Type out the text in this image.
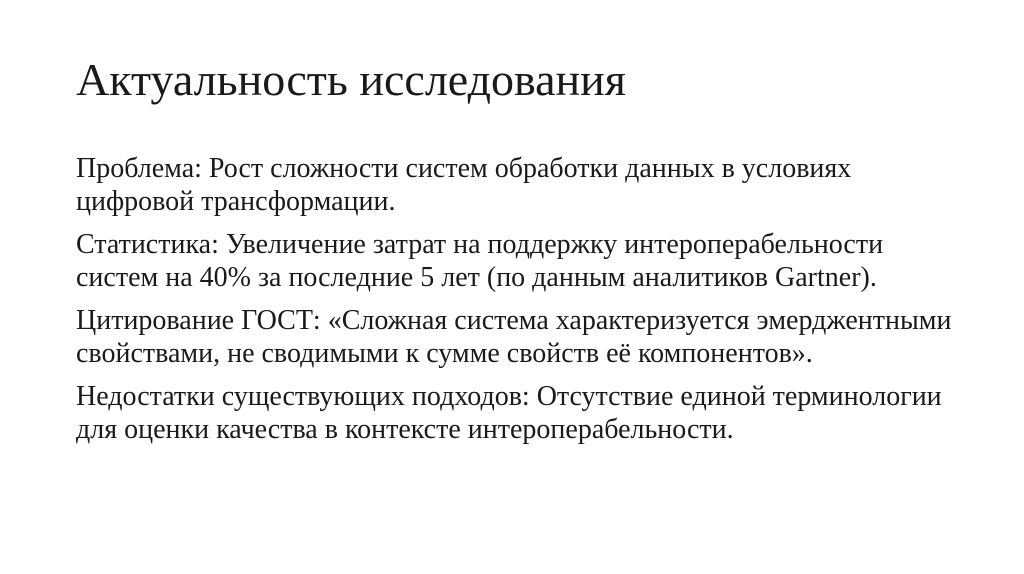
Актуальность исследования
Проблема: Рост сложности систем обработки данных в условиях цифровой трансформации.
Статистика: Увеличение затрат на поддержку интероперабельности систем на 40% за последние 5 лет (по данным аналитиков Gartner).
Цитирование ГОСТ: «Сложная система характеризуется эмерджентными свойствами, не сводимыми к сумме свойств её компонентов».
Недостатки существующих подходов: Отсутствие единой терминологии для оценки качества в контексте интероперабельности.
